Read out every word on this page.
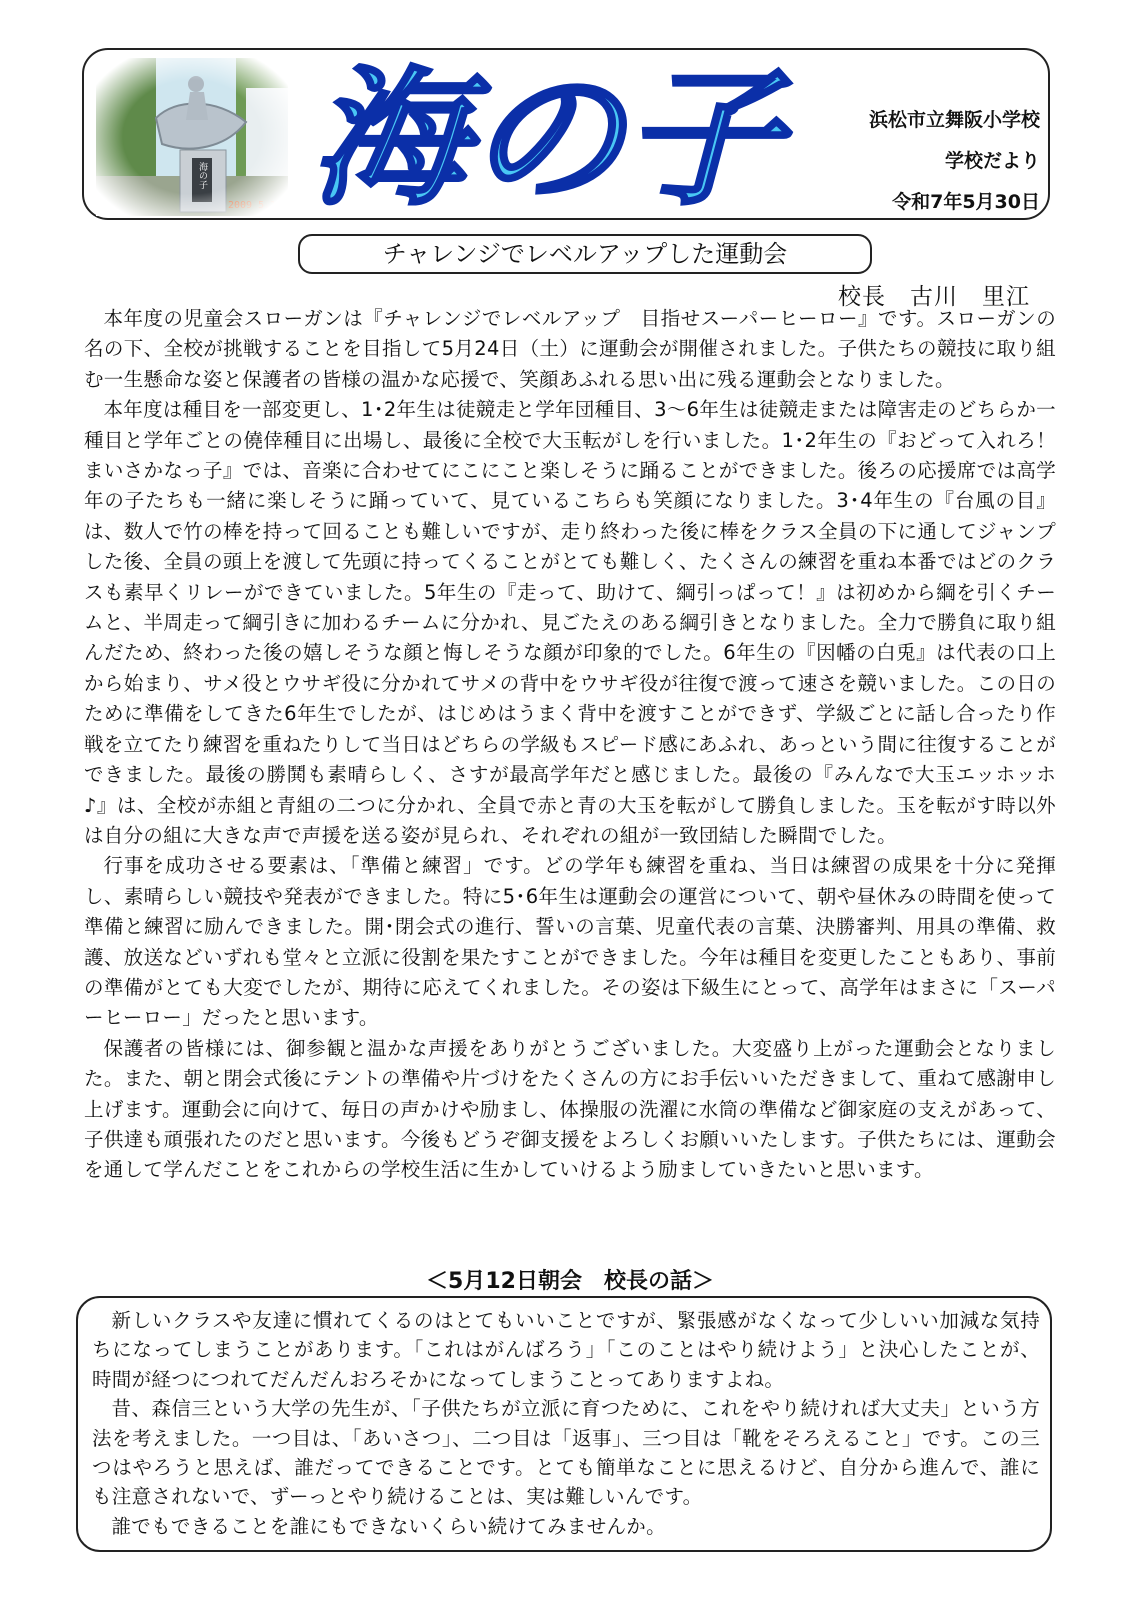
海の子	浜松市立舞阪小学校
学校だより
令和7年5月30日
チャレンジでレベルアップした運動会
校長　古川　里江

本年度の児童会スローガンは『チャレンジでレベルアップ　目指せスーパーヒーロー』です。スローガンの名の下、全校が挑戦することを目指して5月24日（土）に運動会が開催されました。子供たちの競技に取り組む一生懸命な姿と保護者の皆様の温かな応援で、笑顔あふれる思い出に残る運動会となりました。

本年度は種目を一部変更し、1･2年生は徒競走と学年団種目、3～6年生は徒競走または障害走のどちらか一種目と学年ごとの僥倖種目に出場し、最後に全校で大玉転がしを行いました。1･2年生の『おどって入れろ！まいさかなっ子』では、音楽に合わせてにこにこと楽しそうに踊ることができました。後ろの応援席では高学年の子たちも一緒に楽しそうに踊っていて、見ているこちらも笑顔になりました。3･4年生の『台風の目』は、数人で竹の棒を持って回ることも難しいですが、走り終わった後に棒をクラス全員の下に通してジャンプした後、全員の頭上を渡して先頭に持ってくることがとても難しく、たくさんの練習を重ね本番ではどのクラスも素早くリレーができていました。5年生の『走って、助けて、綱引っぱって！』は初めから綱を引くチームと、半周走って綱引きに加わるチームに分かれ、見ごたえのある綱引きとなりました。全力で勝負に取り組んだため、終わった後の嬉しそうな顔と悔しそうな顔が印象的でした。6年生の『因幡の白兎』は代表の口上から始まり、サメ役とウサギ役に分かれてサメの背中をウサギ役が往復で渡って速さを競いました。この日のために準備をしてきた6年生でしたが、はじめはうまく背中を渡すことができず、学級ごとに話し合ったり作戦を立てたり練習を重ねたりして当日はどちらの学級もスピード感にあふれ、あっという間に往復することができました。最後の勝鬨も素晴らしく、さすが最高学年だと感じました。最後の『みんなで大玉エッホッホ♪』は、全校が赤組と青組の二つに分かれ、全員で赤と青の大玉を転がして勝負しました。玉を転がす時以外は自分の組に大きな声で声援を送る姿が見られ、それぞれの組が一致団結した瞬間でした。

行事を成功させる要素は、「準備と練習」です。どの学年も練習を重ね、当日は練習の成果を十分に発揮し、素晴らしい競技や発表ができました。特に5･6年生は運動会の運営について、朝や昼休みの時間を使って準備と練習に励んできました。開･閉会式の進行、誓いの言葉、児童代表の言葉、決勝審判、用具の準備、救護、放送などいずれも堂々と立派に役割を果たすことができました。今年は種目を変更したこともあり、事前の準備がとても大変でしたが、期待に応えてくれました。その姿は下級生にとって、高学年はまさに「スーパーヒーロー」だったと思います。

保護者の皆様には、御参観と温かな声援をありがとうございました。大変盛り上がった運動会となりました。また、朝と閉会式後にテントの準備や片づけをたくさんの方にお手伝いいただきまして、重ねて感謝申し上げます。運動会に向けて、毎日の声かけや励まし、体操服の洗濯に水筒の準備など御家庭の支えがあって、子供達も頑張れたのだと思います。今後もどうぞ御支援をよろしくお願いいたします。子供たちには、運動会を通して学んだことをこれからの学校生活に生かしていけるよう励ましていきたいと思います。

＜5月12日朝会　校長の話＞

新しいクラスや友達に慣れてくるのはとてもいいことですが、緊張感がなくなって少しいい加減な気持ちになってしまうことがあります。「これはがんばろう」「このことはやり続けよう」と決心したことが、時間が経つにつれてだんだんおろそかになってしまうことってありますよね。

昔、森信三という大学の先生が、「子供たちが立派に育つために、これをやり続ければ大丈夫」という方法を考えました。一つ目は、「あいさつ」、二つ目は「返事」、三つ目は「靴をそろえること」です。この三つはやろうと思えば、誰だってできることです。とても簡単なことに思えるけど、自分から進んで、誰にも注意されないで、ずーっとやり続けることは、実は難しいんです。

誰でもできることを誰にもできないくらい続けてみませんか。
